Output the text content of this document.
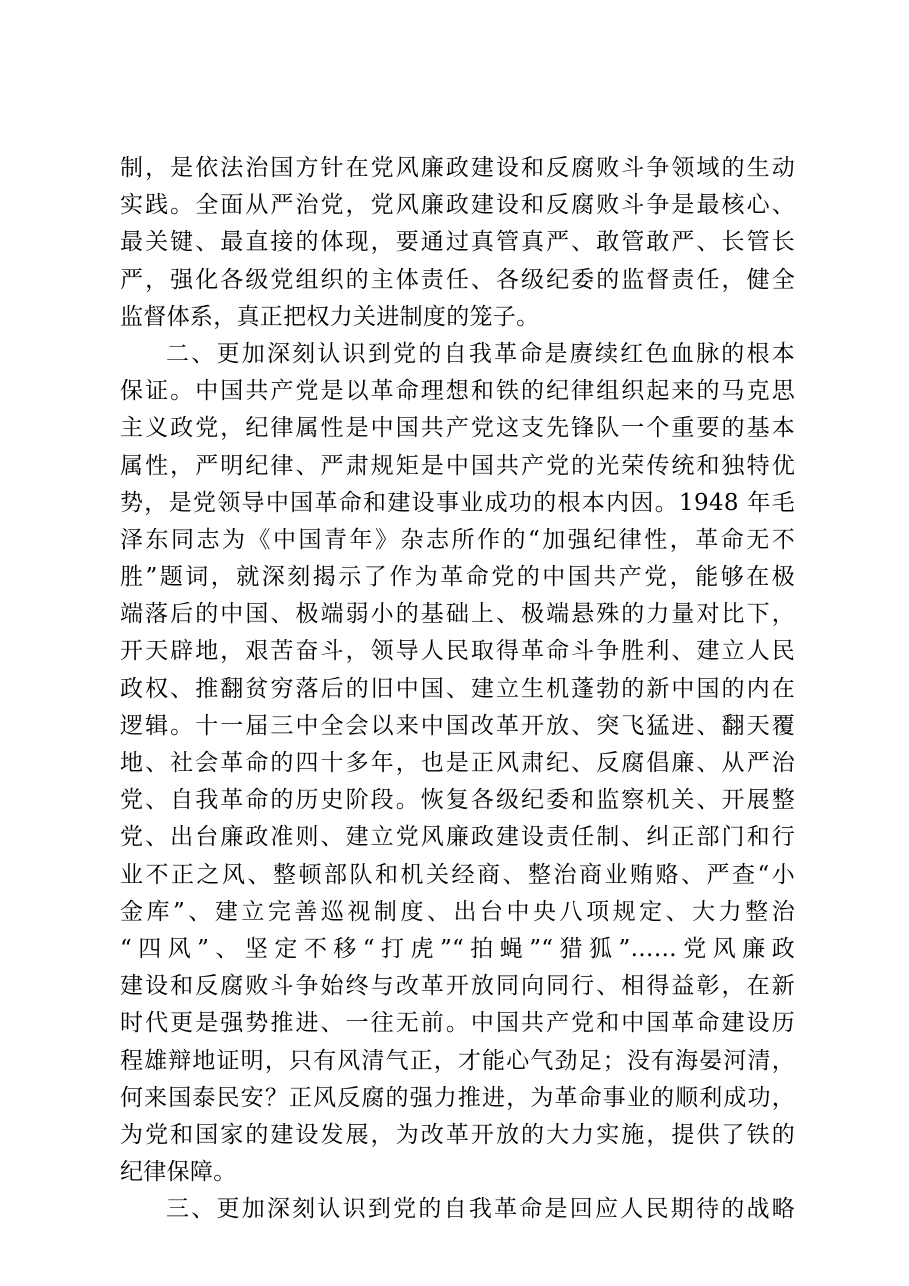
制，是依法治国方针在党风廉政建设和反腐败斗争领域的生动
实践。全面从严治党，党风廉政建设和反腐败斗争是最核心、
最关键、最直接的体现，要通过真管真严、敢管敢严、长管长
严，强化各级党组织的主体责任、各级纪委的监督责任，健全
监督体系，真正把权力关进制度的笼子。
二、更加深刻认识到党的自我革命是赓续红色血脉的根本
保证。中国共产党是以革命理想和铁的纪律组织起来的马克思
主义政党，纪律属性是中国共产党这支先锋队一个重要的基本
属性，严明纪律、严肃规矩是中国共产党的光荣传统和独特优
势，是党领导中国革命和建设事业成功的根本内因。1948 年毛
泽东同志为《中国青年》杂志所作的“加强纪律性，革命无不
胜”题词，就深刻揭示了作为革命党的中国共产党，能够在极
端落后的中国、极端弱小的基础上、极端悬殊的力量对比下，
开天辟地，艰苦奋斗，领导人民取得革命斗争胜利、建立人民
政权、推翻贫穷落后的旧中国、建立生机蓬勃的新中国的内在
逻辑。十一届三中全会以来中国改革开放、突飞猛进、翻天覆
地、社会革命的四十多年，也是正风肃纪、反腐倡廉、从严治
党、自我革命的历史阶段。恢复各级纪委和监察机关、开展整
党、出台廉政准则、建立党风廉政建设责任制、纠正部门和行
业不正之风、整顿部队和机关经商、整治商业贿赂、严查“小
金库”、建立完善巡视制度、出台中央八项规定、大力整治
“四风”、坚定不移“打虎”“拍蝇”“猎狐”……党风廉政
建设和反腐败斗争始终与改革开放同向同行、相得益彰，在新
时代更是强势推进、一往无前。中国共产党和中国革命建设历
程雄辩地证明，只有风清气正，才能心气劲足；没有海晏河清，
何来国泰民安？正风反腐的强力推进，为革命事业的顺利成功，
为党和国家的建设发展，为改革开放的大力实施，提供了铁的
纪律保障。
三、更加深刻认识到党的自我革命是回应人民期待的战略
